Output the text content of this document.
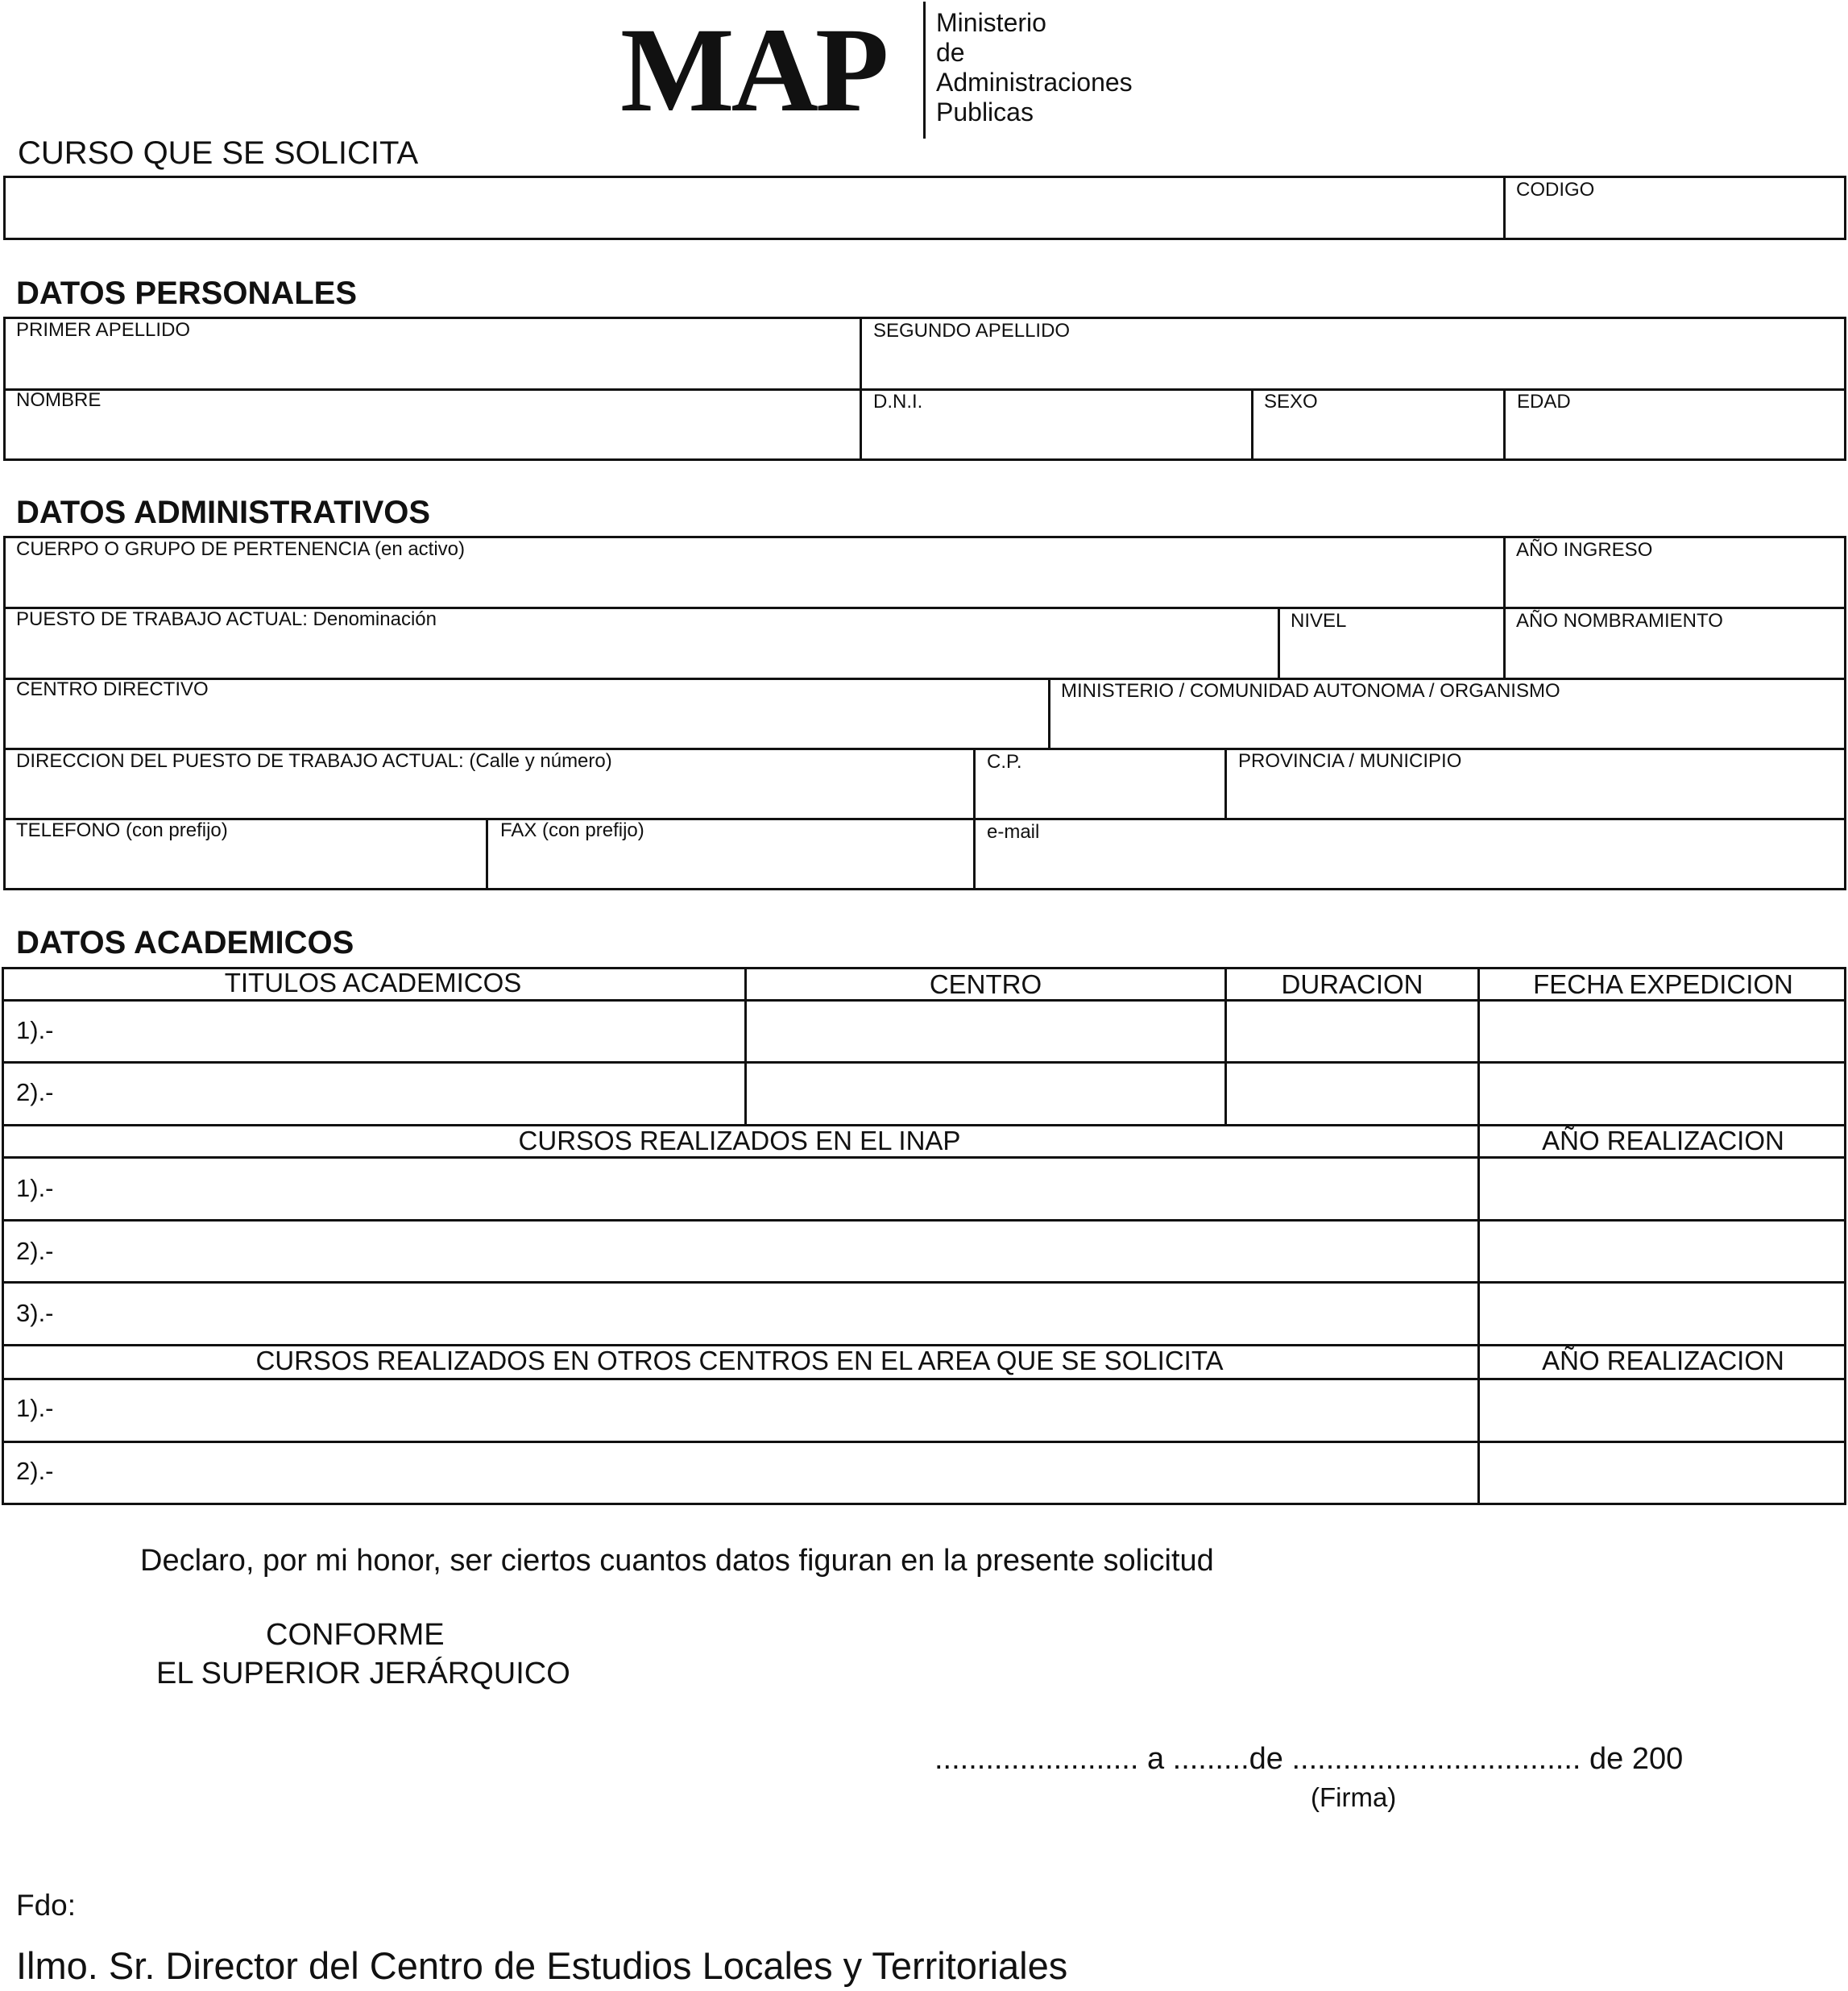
MAP Ministerio
de
Administraciones
Publicas
CURSO QUE SE SOLICITA
CODIGO
DATOS PERSONALES
PRIMER APELLIDO	SEGUNDO APELLIDO
NOMBRE	D.N.I.	SEXO	EDAD
DATOS ADMINISTRATIVOS
CUERPO O GRUPO DE PERTENENCIA (en activo)	AÑO INGRESO
PUESTO DE TRABAJO ACTUAL: Denominación	NIVEL	AÑO NOMBRAMIENTO
CENTRO DIRECTIVO	MINISTERIO / COMUNIDAD AUTONOMA / ORGANISMO
DIRECCION DEL PUESTO DE TRABAJO ACTUAL: (Calle y número)	C.P.	PROVINCIA / MUNICIPIO
TELEFONO (con prefijo)	FAX (con prefijo)	e-mail
DATOS ACADEMICOS
TITULOS ACADEMICOS	CENTRO	DURACION	FECHA EXPEDICION
1).-
2).-
CURSOS REALIZADOS EN EL INAP	AÑO REALIZACION
1).-
2).-
3).-
CURSOS REALIZADOS EN OTROS CENTROS EN EL AREA QUE SE SOLICITA	AÑO REALIZACION
1).-
2).-
Declaro, por mi honor, ser ciertos cuantos datos figuran en la presente solicitud
CONFORME
EL SUPERIOR JERÁRQUICO
........................ a .........de .................................. de 200
(Firma)
Fdo:
Ilmo. Sr. Director del Centro de Estudios Locales y Territoriales
